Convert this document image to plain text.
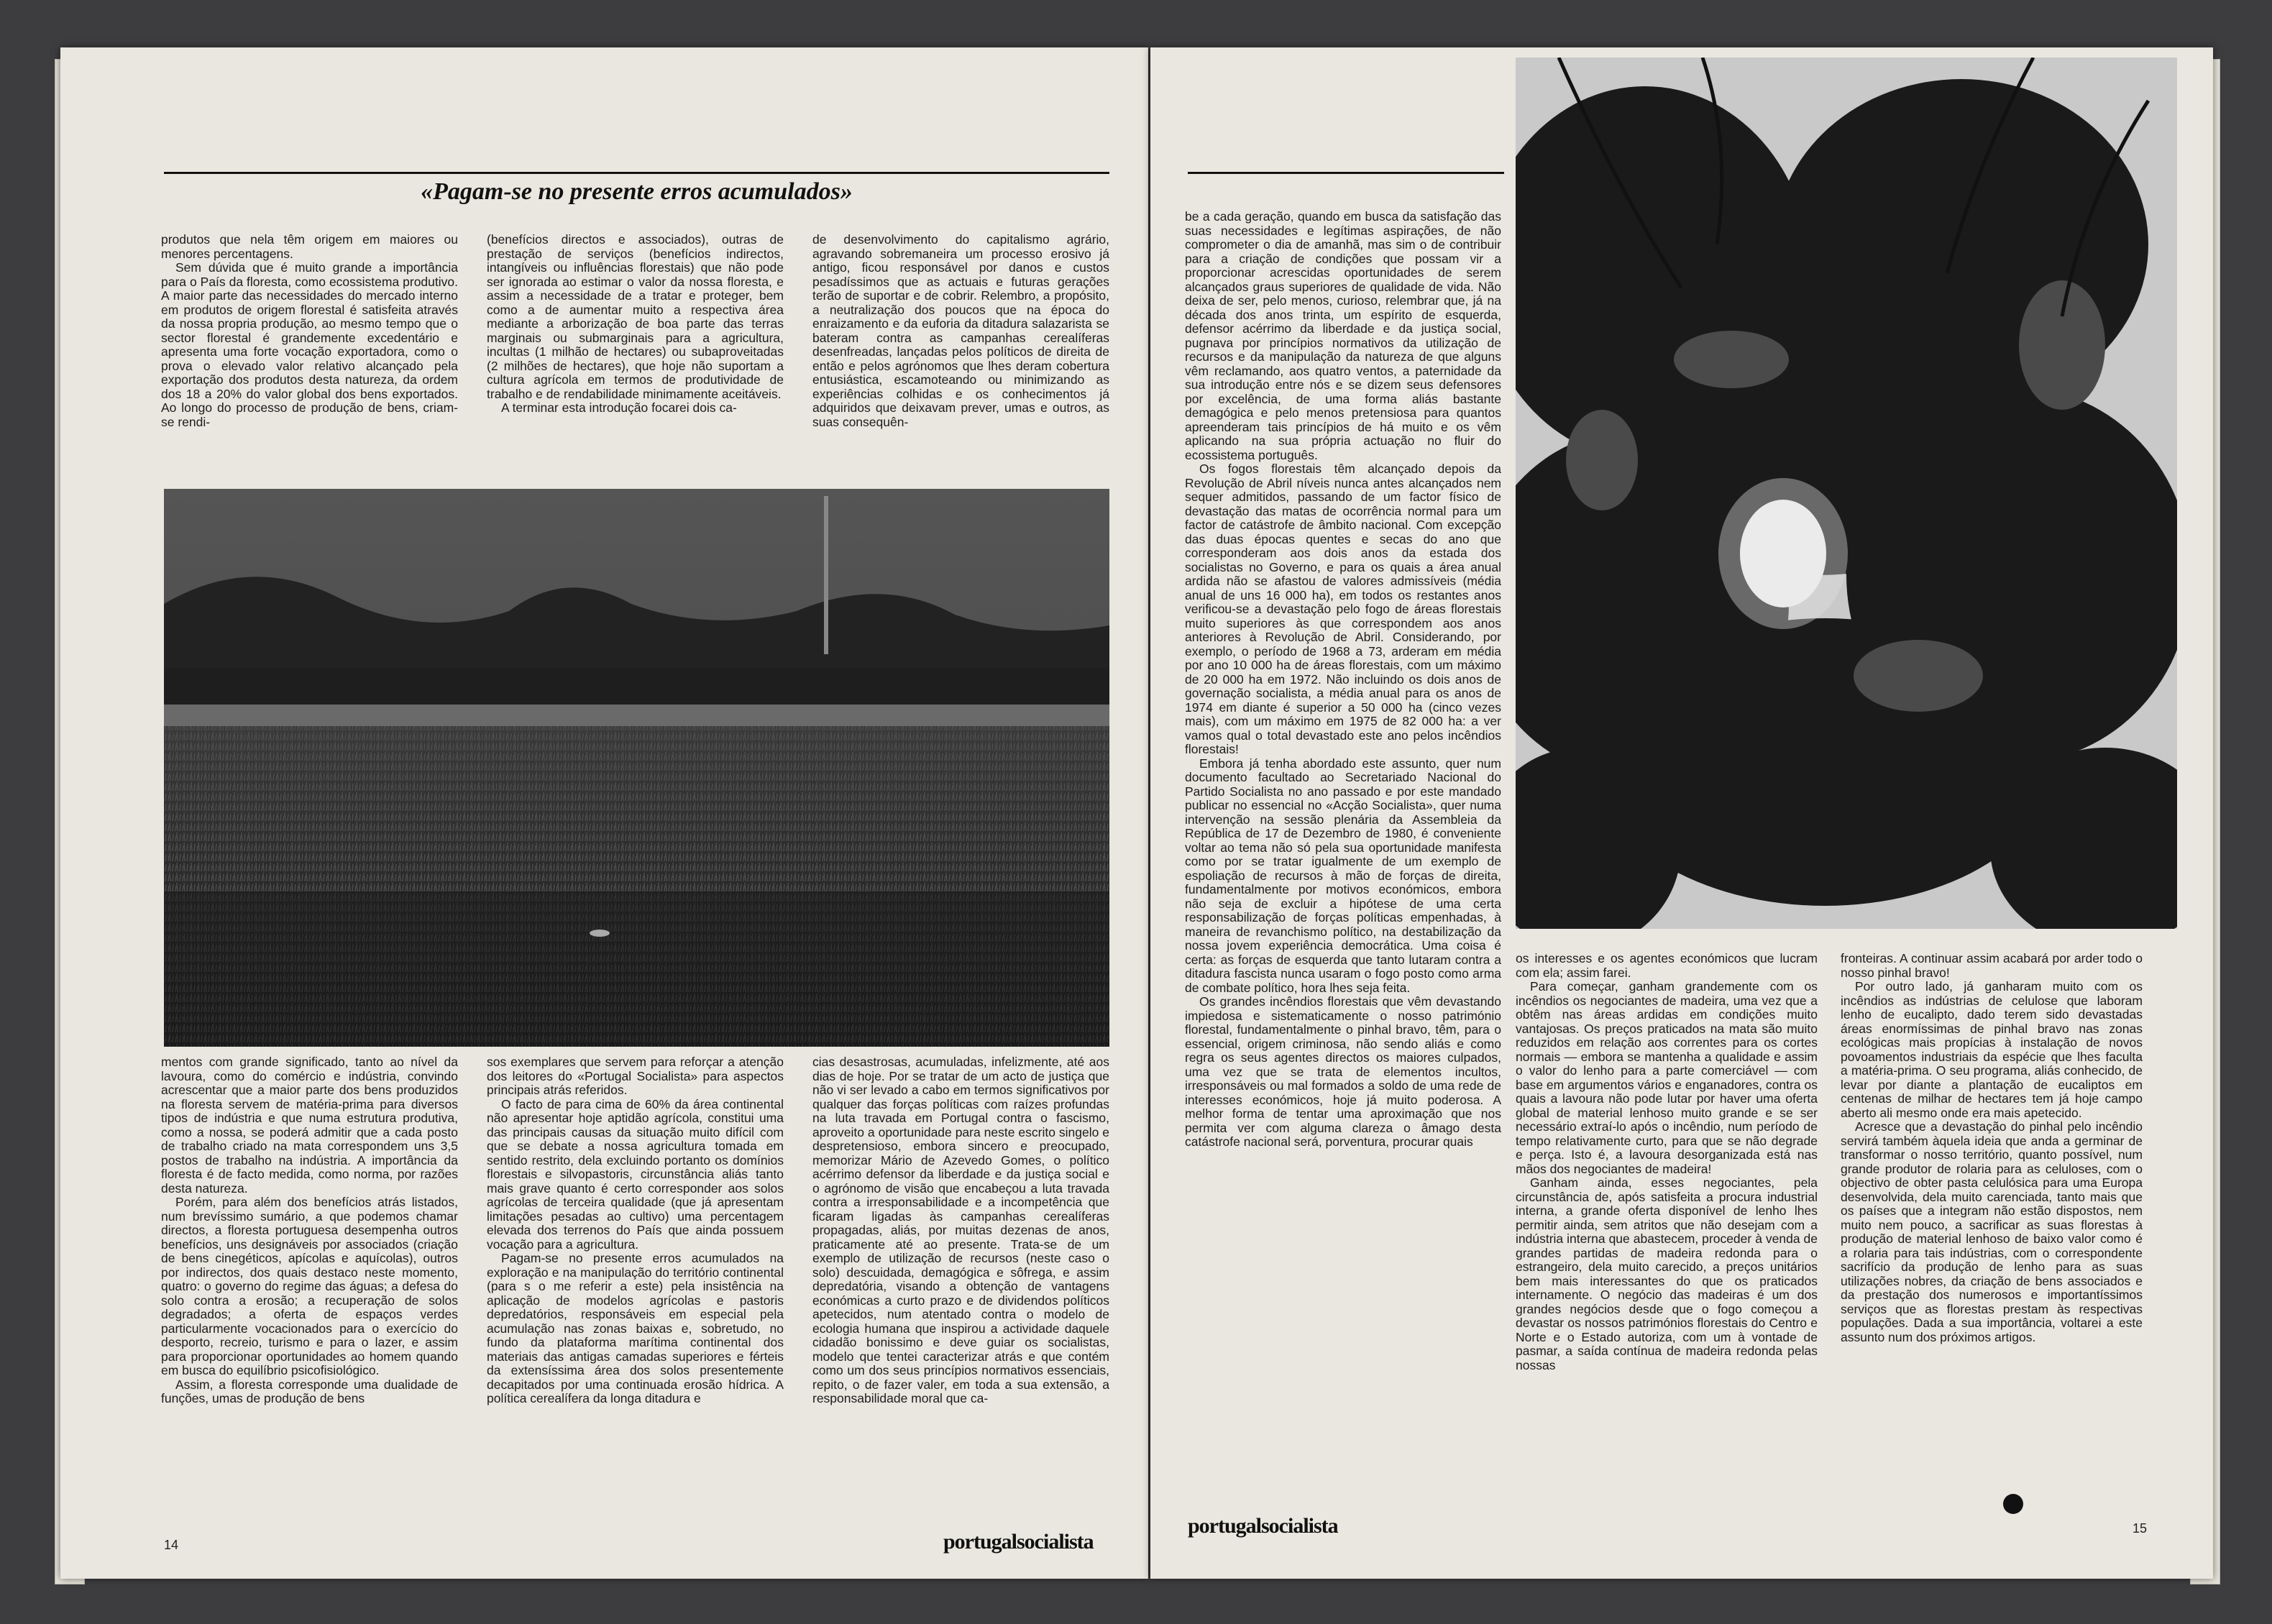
«Pagam-se no presente erros acumulados»

produtos que nela têm origem em maiores ou menores percentagens.

Sem dúvida que é muito grande a importância para o País da floresta, como ecossistema produtivo. A maior parte das necessidades do mercado interno em produtos de origem florestal é satisfeita através da nossa propria produção, ao mesmo tempo que o sector florestal é grandemente excedentário e apresenta uma forte vocação exportadora, como o prova o elevado valor relativo alcançado pela exportação dos produtos desta natureza, da ordem dos 18 a 20% do valor global dos bens exportados. Ao longo do processo de produção de bens, criam-se rendi-

(benefícios directos e associados), outras de prestação de serviços (benefícios indirectos, intangíveis ou influências florestais) que não pode ser ignorada ao estimar o valor da nossa floresta, e assim a necessidade de a tratar e proteger, bem como a de aumentar muito a respectiva área mediante a arborização de boa parte das terras marginais ou submarginais para a agricultura, incultas (1 milhão de hectares) ou subaproveitadas (2 milhões de hectares), que hoje não suportam a cultura agrícola em termos de produtividade de trabalho e de rendabilidade minimamente aceitáveis.

A terminar esta introdução focarei dois ca-

de desenvolvimento do capitalismo agrário, agravando sobremaneira um processo erosivo já antigo, ficou responsável por danos e custos pesadíssimos que as actuais e futuras gerações terão de suportar e de cobrir. Relembro, a propósito, a neutralização dos poucos que na época do enraizamento e da euforia da ditadura salazarista se bateram contra as campanhas cerealíferas desenfreadas, lançadas pelos políticos de direita de então e pelos agrónomos que lhes deram cobertura entusiástica, escamoteando ou minimizando as experiências colhidas e os conhecimentos já adquiridos que deixavam prever, umas e outros, as suas consequên-

mentos com grande significado, tanto ao nível da lavoura, como do comércio e indústria, convindo acrescentar que a maior parte dos bens produzidos na floresta servem de matéria-prima para diversos tipos de indústria e que numa estrutura produtiva, como a nossa, se poderá admitir que a cada posto de trabalho criado na mata correspondem uns 3,5 postos de trabalho na indústria. A importância da floresta é de facto medida, como norma, por razões desta natureza.

Porém, para além dos benefícios atrás listados, num brevíssimo sumário, a que podemos chamar directos, a floresta portuguesa desempenha outros benefícios, uns designáveis por associados (criação de bens cinegéticos, apícolas e aquícolas), outros por indirectos, dos quais destaco neste momento, quatro: o governo do regime das águas; a defesa do solo contra a erosão; a recuperação de solos degradados; a oferta de espaços verdes particularmente vocacionados para o exercício do desporto, recreio, turismo e para o lazer, e assim para proporcionar oportunidades ao homem quando em busca do equilíbrio psicofisiológico.

Assim, a floresta corresponde uma dualidade de funções, umas de produção de bens

sos exemplares que servem para reforçar a atenção dos leitores do «Portugal Socialista» para aspectos principais atrás referidos.

O facto de para cima de 60% da área continental não apresentar hoje aptidão agrícola, constitui uma das principais causas da situação muito difícil com que se debate a nossa agricultura tomada em sentido restrito, dela excluindo portanto os domínios florestais e silvopastoris, circunstância aliás tanto mais grave quanto é certo corresponder aos solos agrícolas de terceira qualidade (que já apresentam limitações pesadas ao cultivo) uma percentagem elevada dos terrenos do País que ainda possuem vocação para a agricultura.

Pagam-se no presente erros acumulados na exploração e na manipulação do território continental (para s o me referir a este) pela insistência na aplicação de modelos agrícolas e pastoris depredatórios, responsáveis em especial pela acumulação nas zonas baixas e, sobretudo, no fundo da plataforma marítima continental dos materiais das antigas camadas superiores e férteis da extensíssima área dos solos presentemente decapitados por uma continuada erosão hídrica. A política cerealífera da longa ditadura e

cias desastrosas, acumuladas, infelizmente, até aos dias de hoje. Por se tratar de um acto de justiça que não vi ser levado a cabo em termos significativos por qualquer das forças políticas com raízes profundas na luta travada em Portugal contra o fascismo, aproveito a oportunidade para neste escrito singelo e despretensioso, embora sincero e preocupado, memorizar Mário de Azevedo Gomes, o político acérrimo defensor da liberdade e da justiça social e o agrónomo de visão que encabeçou a luta travada contra a irresponsabilidade e a incompetência que ficaram ligadas às campanhas cerealíferas propagadas, aliás, por muitas dezenas de anos, praticamente até ao presente. Trata-se de um exemplo de utilização de recursos (neste caso o solo) descuidada, demagógica e sôfrega, e assim depredatória, visando a obtenção de vantagens económicas a curto prazo e de dividendos políticos apetecidos, num atentado contra o modelo de ecologia humana que inspirou a actividade daquele cidadão bonissimo e deve guiar os socialistas, modelo que tentei caracterizar atrás e que contém como um dos seus princípios normativos essenciais, repito, o de fazer valer, em toda a sua extensão, a responsabilidade moral que ca-

14	portugalsocialista

be a cada geração, quando em busca da satisfação das suas necessidades e legítimas aspirações, de não comprometer o dia de amanhã, mas sim o de contribuir para a criação de condições que possam vir a proporcionar acrescidas oportunidades de serem alcançados graus superiores de qualidade de vida. Não deixa de ser, pelo menos, curioso, relembrar que, já na década dos anos trinta, um espírito de esquerda, defensor acérrimo da liberdade e da justiça social, pugnava por princípios normativos da utilização de recursos e da manipulação da natureza de que alguns vêm reclamando, aos quatro ventos, a paternidade da sua introdução entre nós e se dizem seus defensores por excelência, de uma forma aliás bastante demagógica e pelo menos pretensiosa para quantos apreenderam tais princípios de há muito e os vêm aplicando na sua própria actuação no fluir do ecossistema português.

Os fogos florestais têm alcançado depois da Revolução de Abril níveis nunca antes alcançados nem sequer admitidos, passando de um factor físico de devastação das matas de ocorrência normal para um factor de catástrofe de âmbito nacional. Com excepção das duas épocas quentes e secas do ano que corresponderam aos dois anos da estada dos socialistas no Governo, e para os quais a área anual ardida não se afastou de valores admissíveis (média anual de uns 16 000 ha), em todos os restantes anos verificou-se a devastação pelo fogo de áreas florestais muito superiores às que correspondem aos anos anteriores à Revolução de Abril. Considerando, por exemplo, o período de 1968 a 73, arderam em média por ano 10 000 ha de áreas florestais, com um máximo de 20 000 ha em 1972. Não incluindo os dois anos de governação socialista, a média anual para os anos de 1974 em diante é superior a 50 000 ha (cinco vezes mais), com um máximo em 1975 de 82 000 ha: a ver vamos qual o total devastado este ano pelos incêndios florestais!

Embora já tenha abordado este assunto, quer num documento facultado ao Secretariado Nacional do Partido Socialista no ano passado e por este mandado publicar no essencial no «Acção Socialista», quer numa intervenção na sessão plenária da Assembleia da República de 17 de Dezembro de 1980, é conveniente voltar ao tema não só pela sua oportunidade manifesta como por se tratar igualmente de um exemplo de espoliação de recursos à mão de forças de direita, fundamentalmente por motivos económicos, embora não seja de excluir a hipótese de uma certa responsabilização de forças políticas empenhadas, à maneira de revanchismo político, na destabilização da nossa jovem experiência democrática. Uma coisa é certa: as forças de esquerda que tanto lutaram contra a ditadura fascista nunca usaram o fogo posto como arma de combate político, hora lhes seja feita.

Os grandes incêndios florestais que vêm devastando impiedosa e sistematicamente o nosso património florestal, fundamentalmente o pinhal bravo, têm, para o essencial, origem criminosa, não sendo aliás e como regra os seus agentes directos os maiores culpados, uma vez que se trata de elementos incultos, irresponsáveis ou mal formados a soldo de uma rede de interesses económicos, hoje já muito poderosa. A melhor forma de tentar uma aproximação que nos permita ver com alguma clareza o âmago desta catástrofe nacional será, porventura, procurar quais

os interesses e os agentes económicos que lucram com ela; assim farei.

Para começar, ganham grandemente com os incêndios os negociantes de madeira, uma vez que a obtêm nas áreas ardidas em condições muito vantajosas. Os preços praticados na mata são muito reduzidos em relação aos correntes para os cortes normais — embora se mantenha a qualidade e assim o valor do lenho para a parte comerciável — com base em argumentos vários e enganadores, contra os quais a lavoura não pode lutar por haver uma oferta global de material lenhoso muito grande e se ser necessário extraí-lo após o incêndio, num período de tempo relativamente curto, para que se não degrade e perça. Isto é, a lavoura desorganizada está nas mãos dos negociantes de madeira!

Ganham ainda, esses negociantes, pela circunstância de, após satisfeita a procura industrial interna, a grande oferta disponível de lenho lhes permitir ainda, sem atritos que não desejam com a indústria interna que abastecem, proceder à venda de grandes partidas de madeira redonda para o estrangeiro, dela muito carecido, a preços unitários bem mais interessantes do que os praticados internamente. O negócio das madeiras é um dos grandes negócios desde que o fogo começou a devastar os nossos patrimónios florestais do Centro e Norte e o Estado autoriza, com um à vontade de pasmar, a saída contínua de madeira redonda pelas nossas

fronteiras. A continuar assim acabará por arder todo o nosso pinhal bravo!

Por outro lado, já ganharam muito com os incêndios as indústrias de celulose que laboram lenho de eucalipto, dado terem sido devastadas áreas enormíssimas de pinhal bravo nas zonas ecológicas mais propícias à instalação de novos povoamentos industriais da espécie que lhes faculta a matéria-prima. O seu programa, aliás conhecido, de levar por diante a plantação de eucaliptos em centenas de milhar de hectares tem já hoje campo aberto ali mesmo onde era mais apetecido.

Acresce que a devastação do pinhal pelo incêndio servirá também àquela ideia que anda a germinar de transformar o nosso território, quanto possível, num grande produtor de rolaria para as celuloses, com o objectivo de obter pasta celulósica para uma Europa desenvolvida, dela muito carenciada, tanto mais que os países que a integram não estão dispostos, nem muito nem pouco, a sacrificar as suas florestas à produção de material lenhoso de baixo valor como é a rolaria para tais indústrias, com o correspondente sacrifício da produção de lenho para as suas utilizações nobres, da criação de bens associados e da prestação dos numerosos e importantíssimos serviços que as florestas prestam às respectivas populações. Dada a sua importância, voltarei a este assunto num dos próximos artigos.

portugalsocialista	15
